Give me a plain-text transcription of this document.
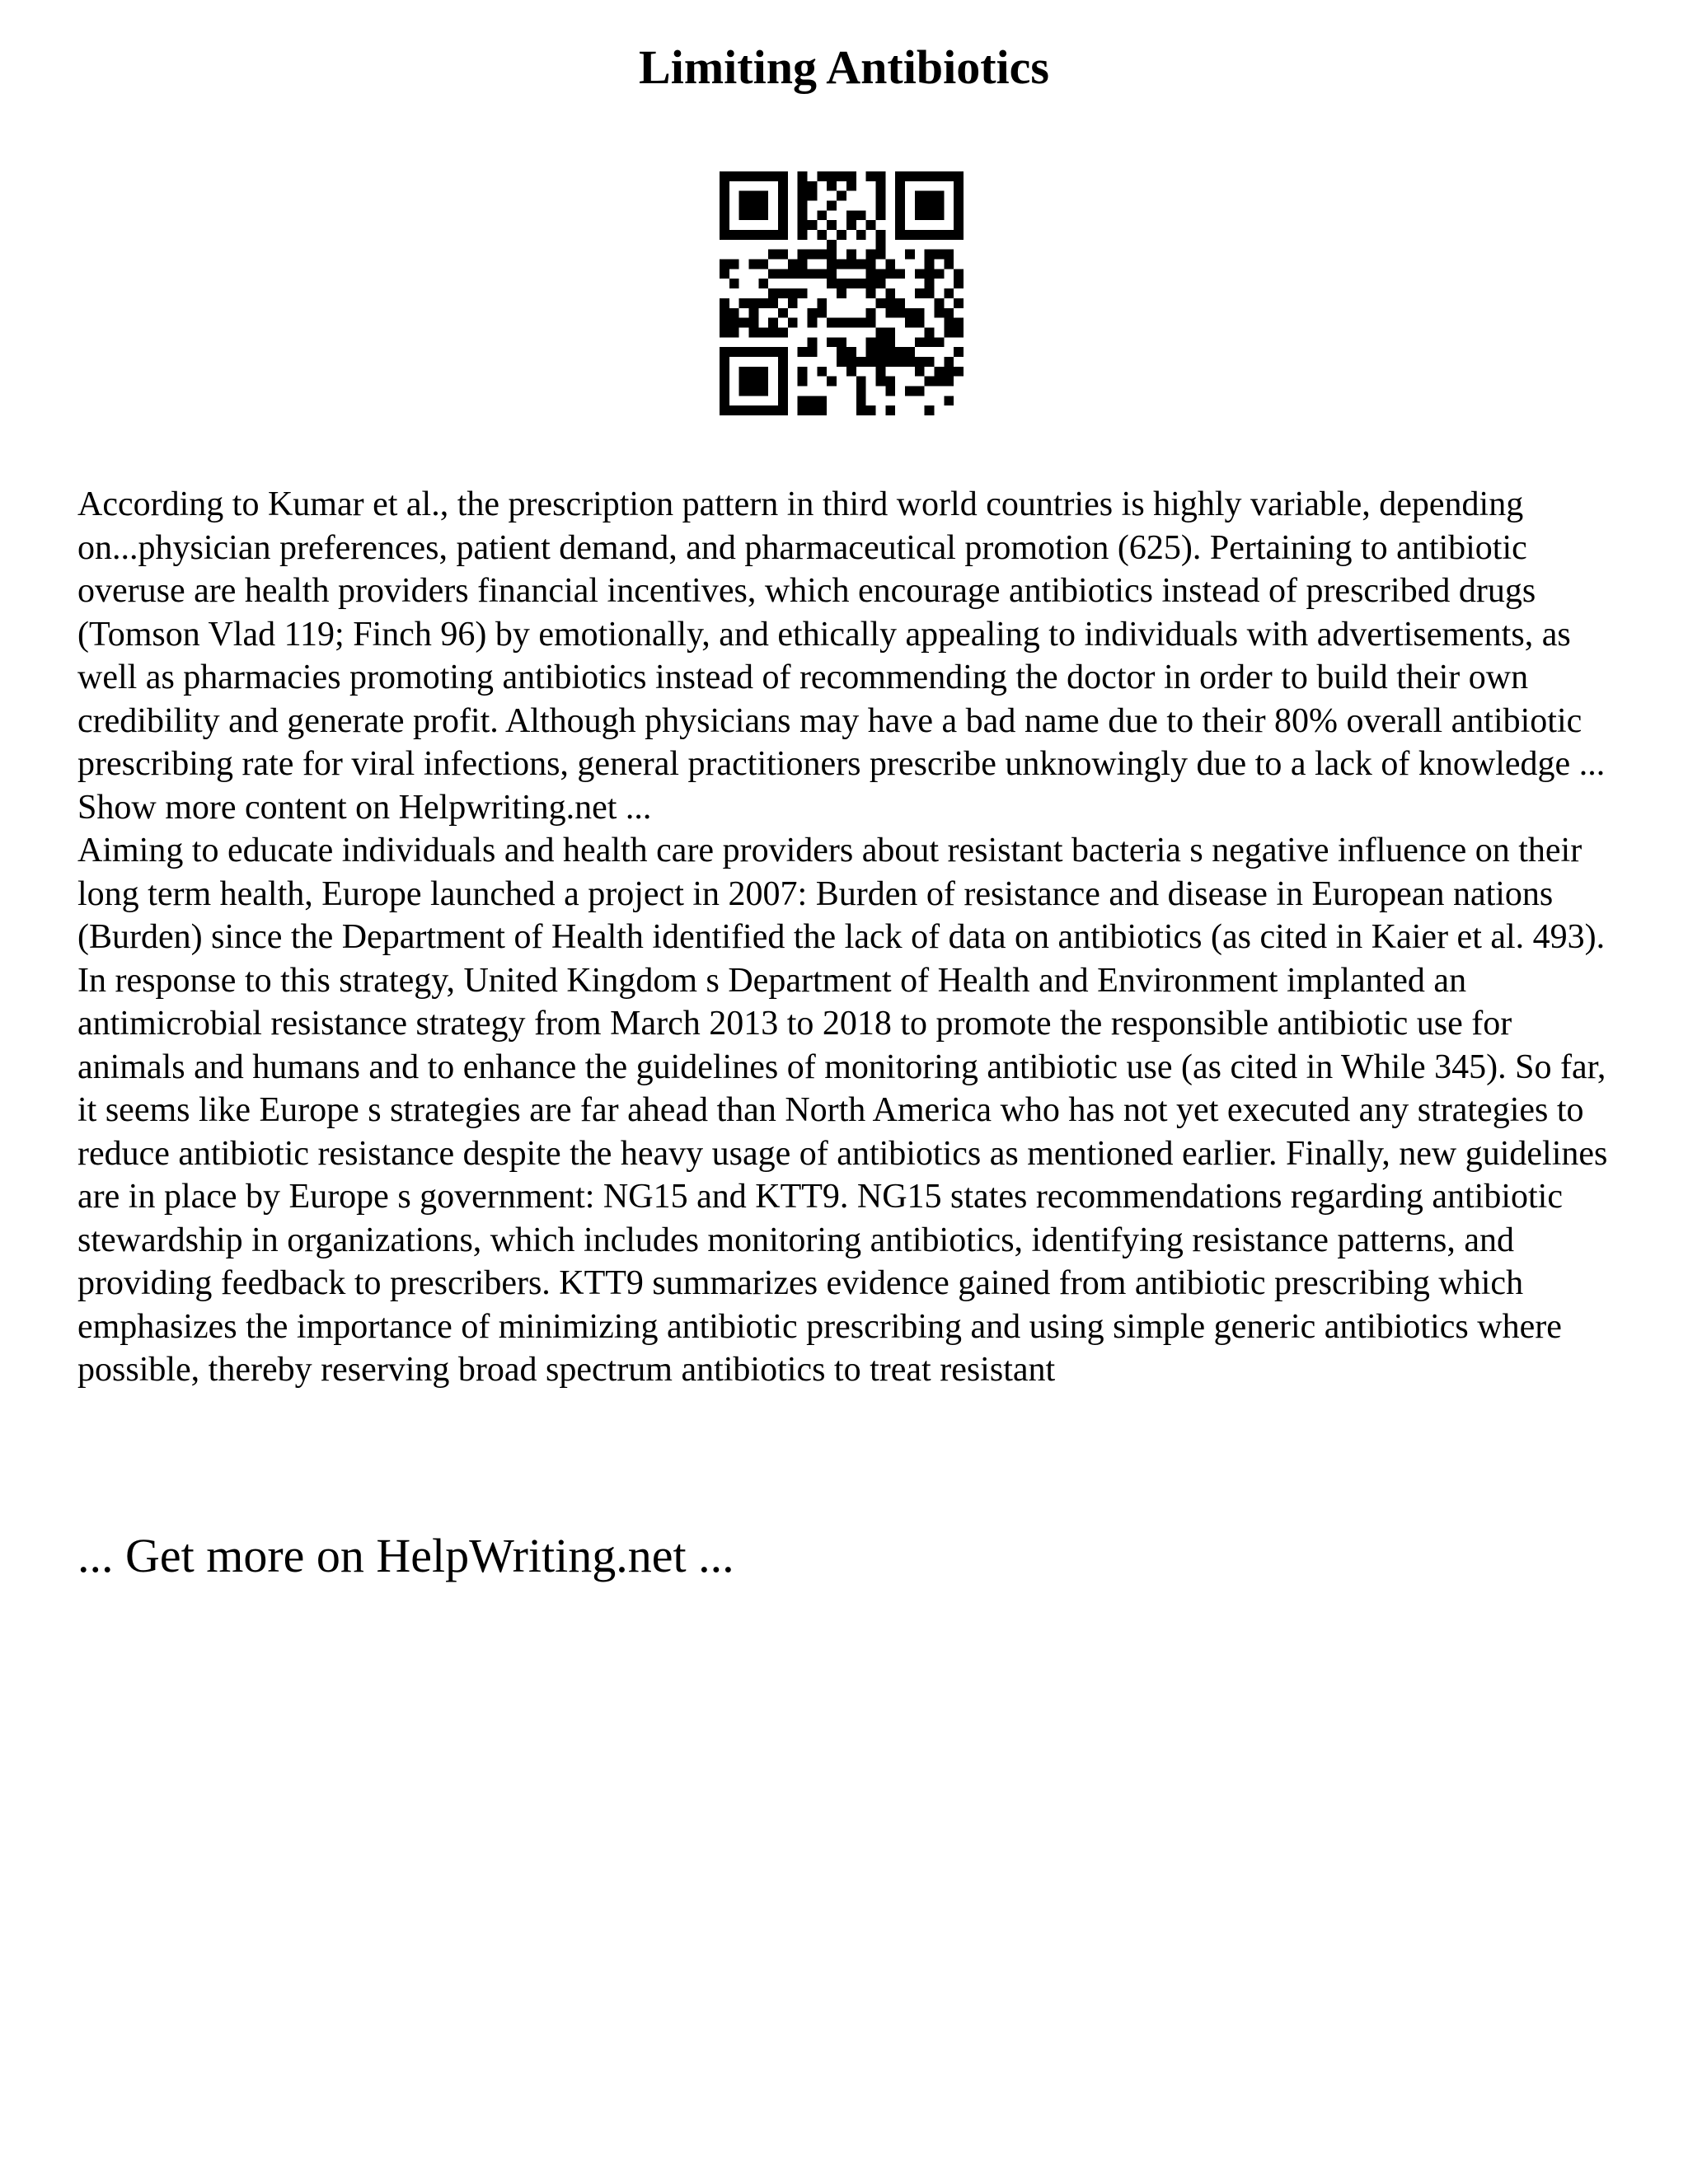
Limiting Antibiotics

According to Kumar et al., the prescription pattern in third world countries is highly variable, depending on...physician preferences, patient demand, and pharmaceutical promotion (625). Pertaining to antibiotic overuse are health providers financial incentives, which encourage antibiotics instead of prescribed drugs (Tomson Vlad 119; Finch 96) by emotionally, and ethically appealing to individuals with advertisements, as well as pharmacies promoting antibiotics instead of recommending the doctor in order to build their own credibility and generate profit. Although physicians may have a bad name due to their 80% overall antibiotic prescribing rate for viral infections, general practitioners prescribe unknowingly due to a lack of knowledge ... Show more content on Helpwriting.net ...

Aiming to educate individuals and health care providers about resistant bacteria s negative influence on their long term health, Europe launched a project in 2007: Burden of resistance and disease in European nations (Burden) since the Department of Health identified the lack of data on antibiotics (as cited in Kaier et al. 493). In response to this strategy, United Kingdom s Department of Health and Environment implanted an antimicrobial resistance strategy from March 2013 to 2018 to promote the responsible antibiotic use for animals and humans and to enhance the guidelines of monitoring antibiotic use (as cited in While 345). So far, it seems like Europe s strategies are far ahead than North America who has not yet executed any strategies to reduce antibiotic resistance despite the heavy usage of antibiotics as mentioned earlier. Finally, new guidelines are in place by Europe s government: NG15 and KTT9. NG15 states recommendations regarding antibiotic stewardship in organizations, which includes monitoring antibiotics, identifying resistance patterns, and providing feedback to prescribers. KTT9 summarizes evidence gained from antibiotic prescribing which emphasizes the importance of minimizing antibiotic prescribing and using simple generic antibiotics where possible, thereby reserving broad spectrum antibiotics to treat resistant

... Get more on HelpWriting.net ...
